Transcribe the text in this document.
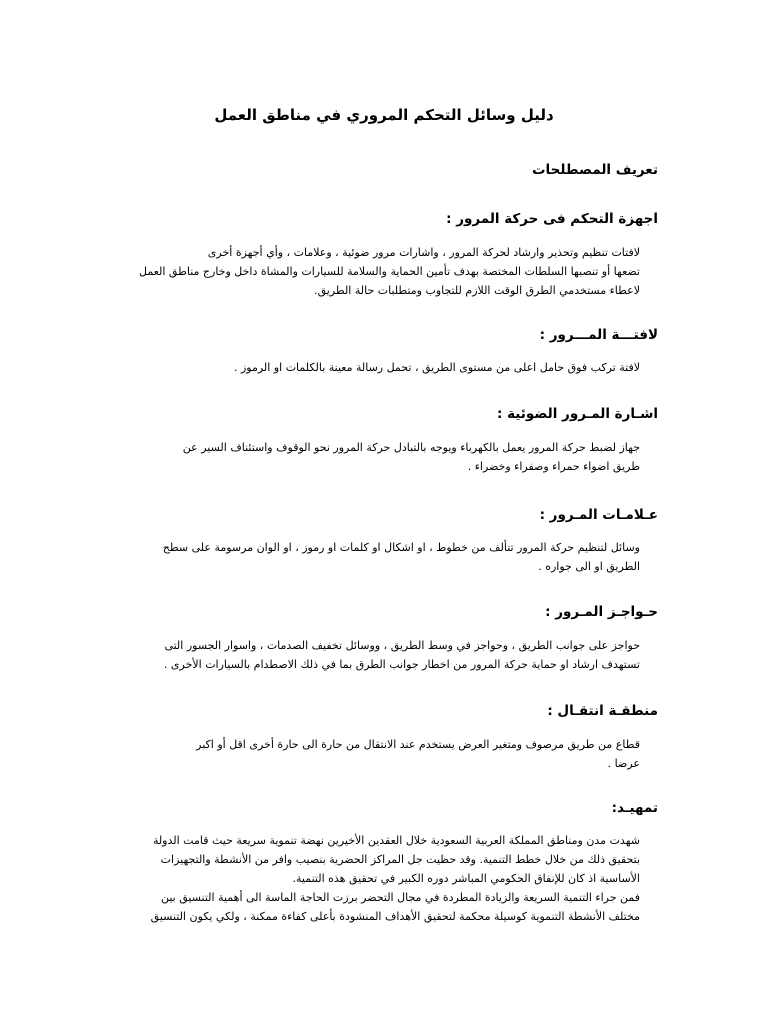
دليل وسائل التحكم المروري في مناطق العمل
تعريف المصطلحات
اجهزة التحكم فى حركة المرور :

لافتات تنظيم وتحذير وارشاد لحركة المرور ، واشارات مرور ضوئية ، وعلامات ، وأي أجهزة أخرى
تضعها أو تنصبها السلطات المختصة بهدف تأمين الحماية والسلامة للسيارات والمشاة داخل وخارج مناطق العمل
لاعطاء مستخدمي الطرق الوقت اللازم للتجاوب ومتطلبات حالة الطريق.

لافتـــة المـــرور :

لافتة تركب فوق حامل اعلى من مستوى الطريق ، تحمل رسالة معينة بالكلمات او الرموز .

اشـارة المـرور الضوئية :

جهاز لضبط حركة المرور يعمل بالكهرباء ويوجه بالتبادل حركة المرور نحو الوقوف واستئناف السير عن
طريق اضواء حمراء وصفراء وخضراء .

عـلامـات المـرور :

وسائل لتنظيم حركة المرور تتألف من خطوط ، او اشكال او كلمات او رموز ، او الوان مرسومة على سطح
الطريق او الى جواره .

حـواجـز المـرور :

حواجز على جوانب الطريق ، وحواجز في وسط الطريق ، ووسائل تخفيف الصدمات ، واسوار الجسور التى
تستهدف ارشاد او حماية حركة المرور من اخطار جوانب الطرق بما في ذلك الاصطدام بالسيارات الأخرى .

منطقـة انتقـال :

قطاع من طريق مرصوف ومتغير العرض يستخدم عند الانتقال من حارة الى حارة أخرى اقل أو اكبر
عرضا .

تمهيـد:

شهدت مدن ومناطق المملكة العربية السعودية خلال العقدين الأخيرين نهضة تنموية سريعة حيث قامت الدولة
بتحقيق ذلك من خلال خطط التنمية. وقد حظيت جل المراكز الحضرية بنصيب وافر من الأنشطة والتجهيزات
الأساسية اذ كان للإنفاق الحكومي المباشر دوره الكبير في تحقيق هذه التنمية.
فمن جراء التنمية السريعة والزيادة المطردة في مجال التحضر برزت الحاجة الماسة الى أهمية التنسيق بين
مختلف الأنشطة التنموية كوسيلة محكمة لتحقيق الأهداف المنشودة بأعلى كفاءة ممكنة ، ولكي يكون التنسيق
